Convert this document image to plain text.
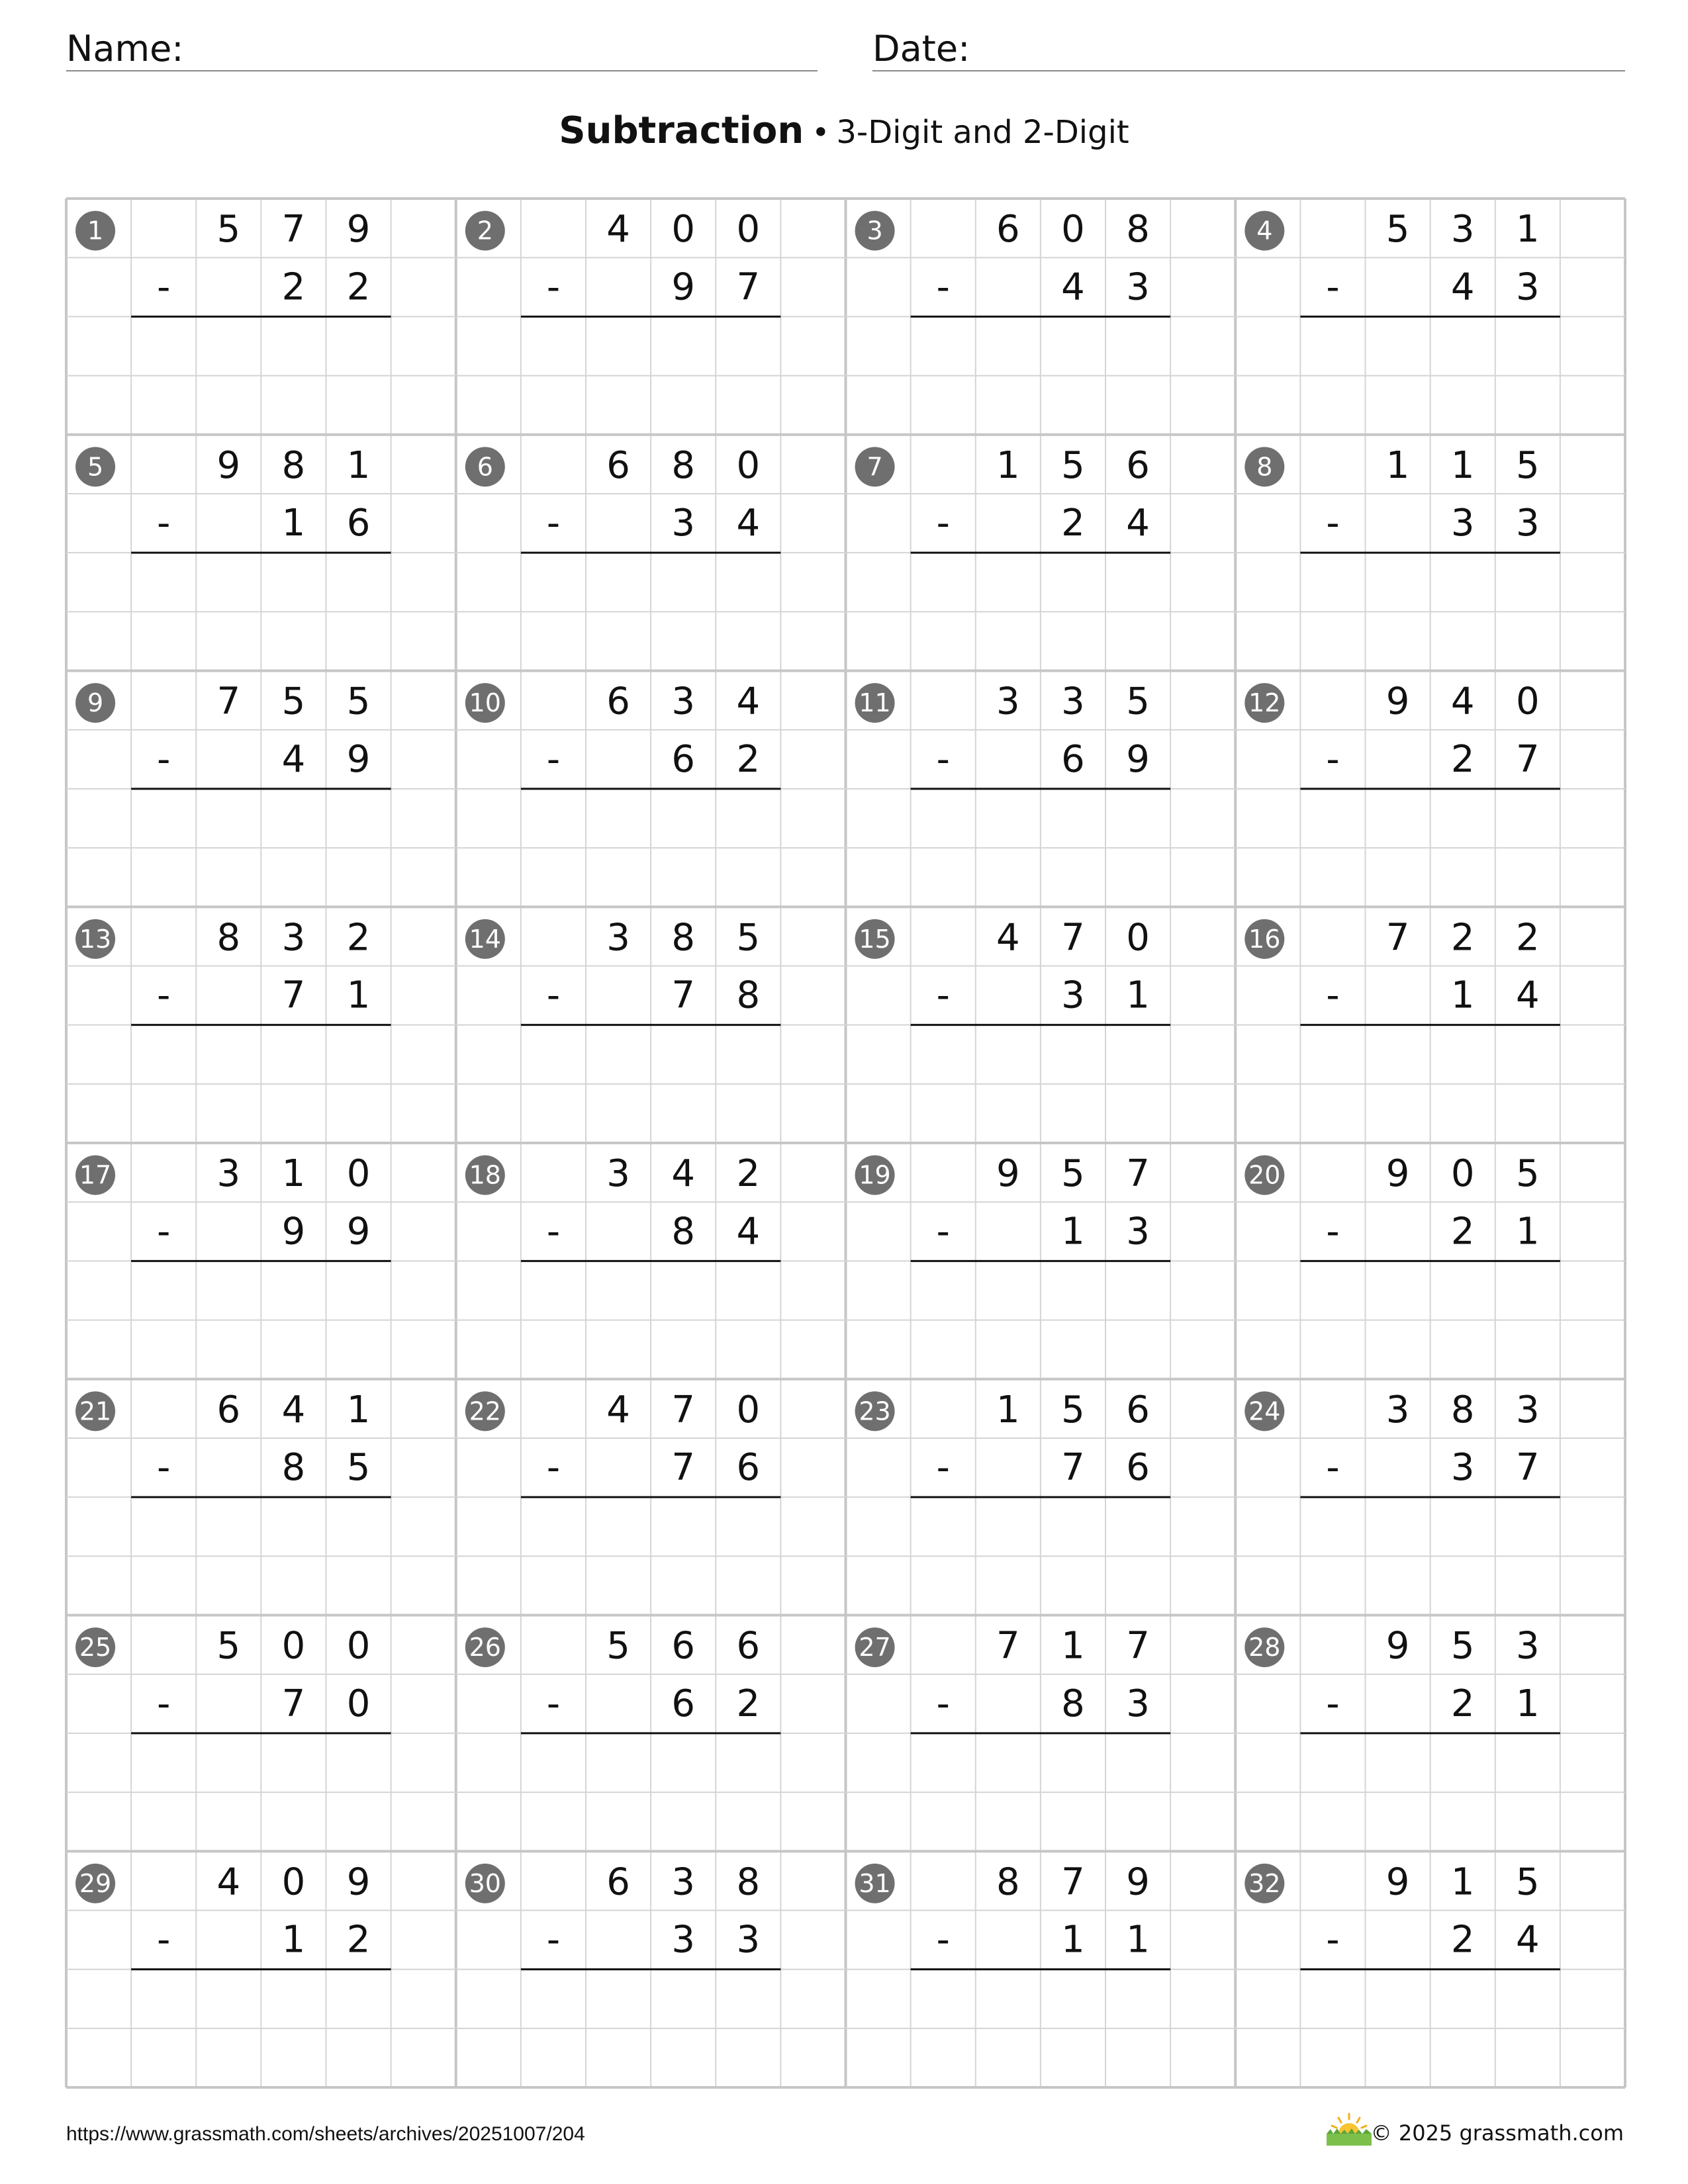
Name:	Date:
Subtraction • 3-Digit and 2-Digit
1	5 7 9
-	2 2
2	4 0 0
-	9 7
3	6 0 8
-	4 3
4	5 3 1
-	4 3
5	9 8 1
-	1 6
6	6 8 0
-	3 4
7	1 5 6
-	2 4
8	1 1 5
-	3 3
9	7 5 5
-	4 9
10	6 3 4
-	6 2
11	3 3 5
-	6 9
12	9 4 0
-	2 7
13	8 3 2
-	7 1
14	3 8 5
-	7 8
15	4 7 0
-	3 1
16	7 2 2
-	1 4
17	3 1 0
-	9 9
18	3 4 2
-	8 4
19	9 5 7
-	1 3
20	9 0 5
-	2 1
21	6 4 1
-	8 5
22	4 7 0
-	7 6
23	1 5 6
-	7 6
24	3 8 3
-	3 7
25	5 0 0
-	7 0
26	5 6 6
-	6 2
27	7 1 7
-	8 3
28	9 5 3
-	2 1
29	4 0 9
-	1 2
30	6 3 8
-	3 3
31	8 7 9
-	1 1
32	9 1 5
-	2 4
https://www.grassmath.com/sheets/archives/20251007/204	© 2025 grassmath.com
